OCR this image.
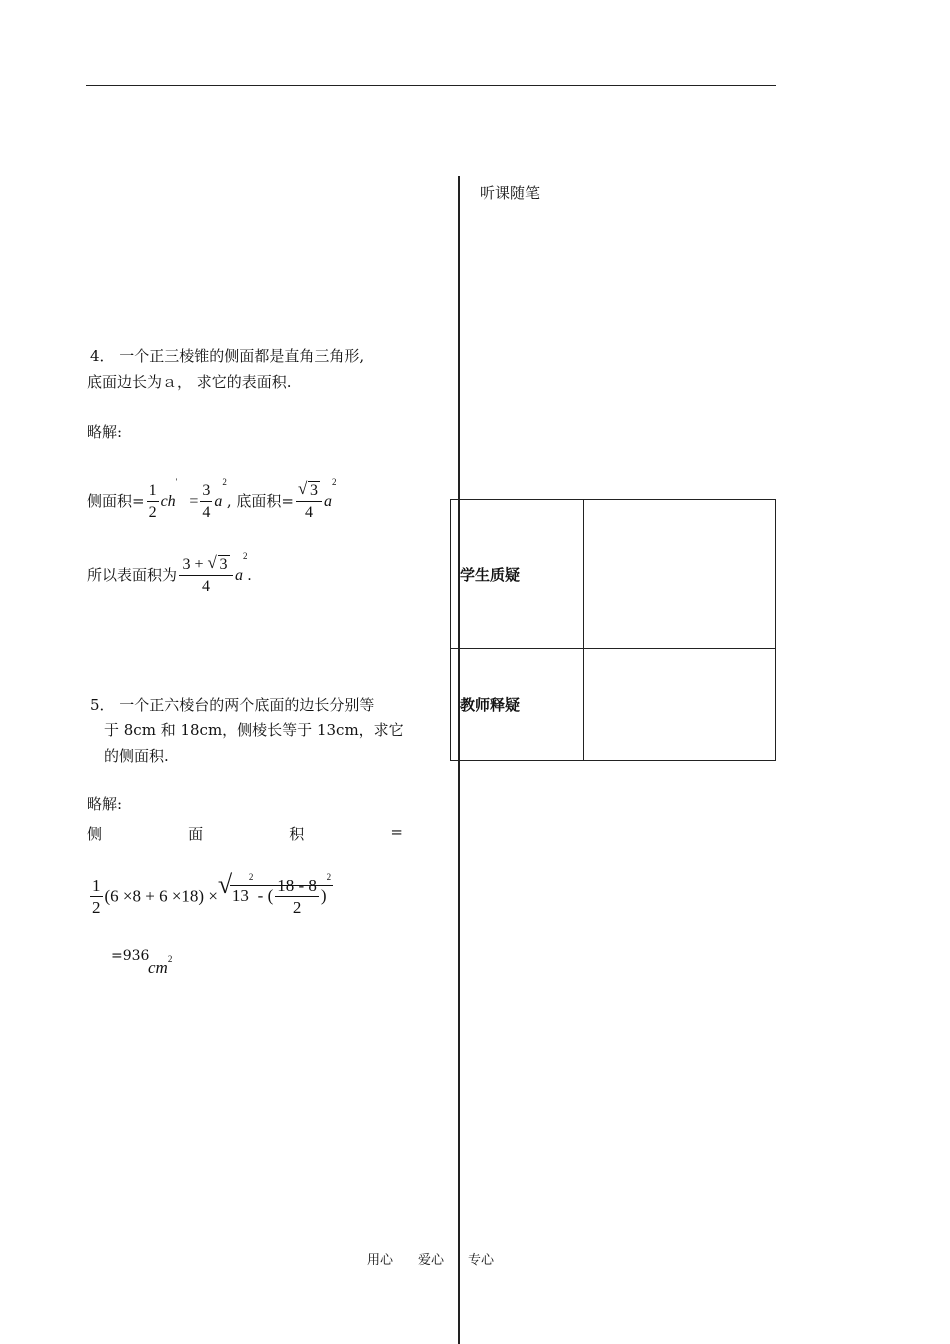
听课随笔
4． 一个正三棱锥的侧面都是直角三角形,
底面边长为ａ， 求它的表面积.
略解:
侧面积= $\frac{1}{2} ch' = \frac{3}{4} a^2$, 底面积= $\frac{√ 3}{4} a^2$
所以表面积为 $\frac{3 + √ 3}{4} a^2$.
5． 一个正六棱台的两个底面的边长分别等
于 8cm 和 18cm，侧棱长等于 13cm，求它
的侧面积.
略解:
侧	面	积	=
$\frac{1}{2} (6 \times 8 + 6 \times 18)$ × √ $13^2$ - ( $\frac{18 - 8}{2} )^2$
=936
$cm^2$
学生质疑	
教师释疑	
用心 爱心 专心
